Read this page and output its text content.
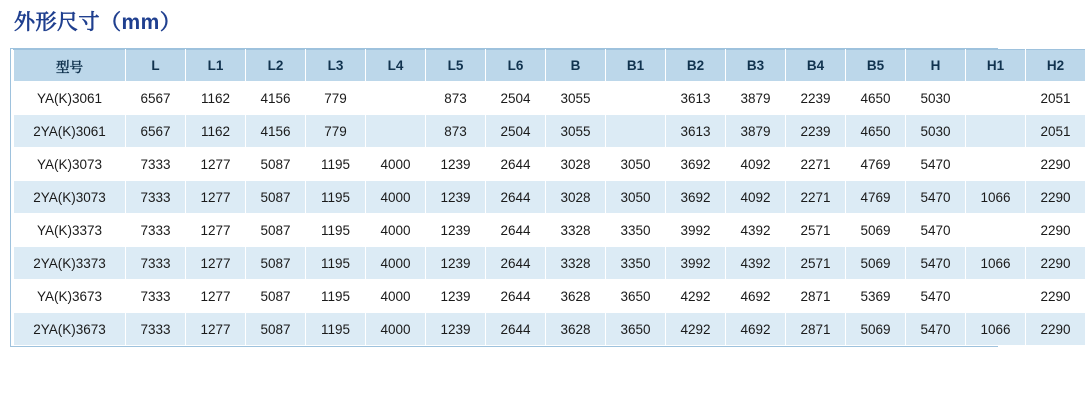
外形尺寸（mm）
型号	L	L1	L2	L3	L4	L5	L6	B	B1	B2	B3	B4	B5	H	H1	H2
YA(K)3061	6567	1162	4156	779		873	2504	3055		3613	3879	2239	4650	5030		2051
2YA(K)3061	6567	1162	4156	779		873	2504	3055		3613	3879	2239	4650	5030		2051
YA(K)3073	7333	1277	5087	1195	4000	1239	2644	3028	3050	3692	4092	2271	4769	5470		2290
2YA(K)3073	7333	1277	5087	1195	4000	1239	2644	3028	3050	3692	4092	2271	4769	5470	1066	2290
YA(K)3373	7333	1277	5087	1195	4000	1239	2644	3328	3350	3992	4392	2571	5069	5470		2290
2YA(K)3373	7333	1277	5087	1195	4000	1239	2644	3328	3350	3992	4392	2571	5069	5470	1066	2290
YA(K)3673	7333	1277	5087	1195	4000	1239	2644	3628	3650	4292	4692	2871	5369	5470		2290
2YA(K)3673	7333	1277	5087	1195	4000	1239	2644	3628	3650	4292	4692	2871	5069	5470	1066	2290
